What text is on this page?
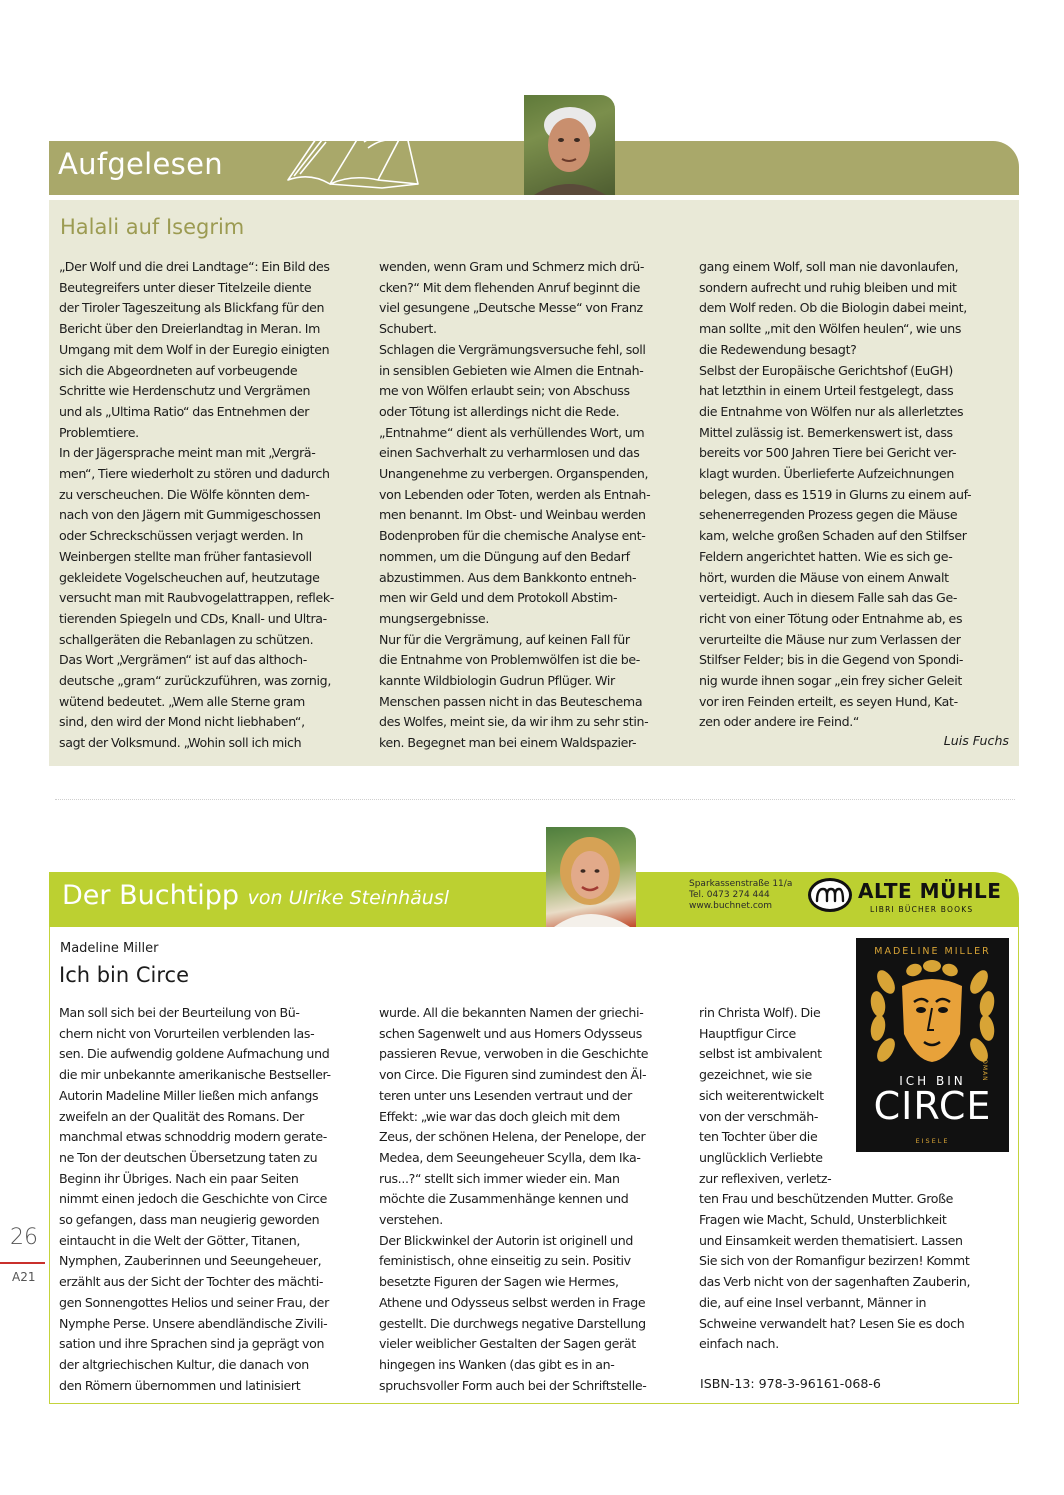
Aufgelesen
Halali auf Isegrim

„Der Wolf und die drei Landtage“: Ein Bild des

Beutegreifers unter dieser Titelzeile diente

der Tiroler Tageszeitung als Blickfang für den

Bericht über den Dreierlandtag in Meran. Im

Umgang mit dem Wolf in der Euregio einigten

sich die Abgeordneten auf vorbeugende

Schritte wie Herdenschutz und Vergrämen

und als „Ultima Ratio“ das Entnehmen der

Problemtiere.

In der Jägersprache meint man mit „Vergrä-

men“, Tiere wiederholt zu stören und dadurch

zu verscheuchen. Die Wölfe könnten dem-

nach von den Jägern mit Gummigeschossen

oder Schreckschüssen verjagt werden. In

Weinbergen stellte man früher fantasievoll

gekleidete Vogelscheuchen auf, heutzutage

versucht man mit Raubvogelattrappen, reflek-

tierenden Spiegeln und CDs, Knall- und Ultra-

schallgeräten die Rebanlagen zu schützen.

Das Wort „Vergrämen“ ist auf das althoch-

deutsche „gram“ zurückzuführen, was zornig,

wütend bedeutet. „Wem alle Sterne gram

sind, den wird der Mond nicht liebhaben“,

sagt der Volksmund. „Wohin soll ich mich

wenden, wenn Gram und Schmerz mich drü-

cken?“ Mit dem flehenden Anruf beginnt die

viel gesungene „Deutsche Messe“ von Franz

Schubert.

Schlagen die Vergrämungsversuche fehl, soll

in sensiblen Gebieten wie Almen die Entnah-

me von Wölfen erlaubt sein; von Abschuss

oder Tötung ist allerdings nicht die Rede.

„Entnahme“ dient als verhüllendes Wort, um

einen Sachverhalt zu verharmlosen und das

Unangenehme zu verbergen. Organspenden,

von Lebenden oder Toten, werden als Entnah-

men benannt. Im Obst- und Weinbau werden

Bodenproben für die chemische Analyse ent-

nommen, um die Düngung auf den Bedarf

abzustimmen. Aus dem Bankkonto entneh-

men wir Geld und dem Protokoll Abstim-

mungsergebnisse.

Nur für die Vergrämung, auf keinen Fall für

die Entnahme von Problemwölfen ist die be-

kannte Wildbiologin Gudrun Pflüger. Wir

Menschen passen nicht in das Beuteschema

des Wolfes, meint sie, da wir ihm zu sehr stin-

ken. Begegnet man bei einem Waldspazier-

gang einem Wolf, soll man nie davonlaufen,

sondern aufrecht und ruhig bleiben und mit

dem Wolf reden. Ob die Biologin dabei meint,

man sollte „mit den Wölfen heulen“, wie uns

die Redewendung besagt?

Selbst der Europäische Gerichtshof (EuGH)

hat letzthin in einem Urteil festgelegt, dass

die Entnahme von Wölfen nur als allerletztes

Mittel zulässig ist. Bemerkenswert ist, dass

bereits vor 500 Jahren Tiere bei Gericht ver-

klagt wurden. Überlieferte Aufzeichnungen

belegen, dass es 1519 in Glurns zu einem auf-

sehenerregenden Prozess gegen die Mäuse

kam, welche großen Schaden auf den Stilfser

Feldern angerichtet hatten. Wie es sich ge-

hört, wurden die Mäuse von einem Anwalt

verteidigt. Auch in diesem Falle sah das Ge-

richt von einer Tötung oder Entnahme ab, es

verurteilte die Mäuse nur zum Verlassen der

Stilfser Felder; bis in die Gegend von Spondi-

nig wurde ihnen sogar „ein frey sicher Geleit

vor iren Feinden erteilt, es seyen Hund, Kat-

zen oder andere ire Feind.“

Luis Fuchs
Der Buchtipp von Ulrike Steinhäusl
Sparkassenstraße 11/a
Tel. 0473 274 444
www.buchnet.com
ALTE MÜHLE
LIBRI BÜCHER BOOKS
Madeline Miller
Ich bin Circe

Man soll sich bei der Beurteilung von Bü-

chern nicht von Vorurteilen verblenden las-

sen. Die aufwendig goldene Aufmachung und

die mir unbekannte amerikanische Bestseller-

Autorin Madeline Miller ließen mich anfangs

zweifeln an der Qualität des Romans. Der

manchmal etwas schnoddrig modern gerate-

ne Ton der deutschen Übersetzung taten zu

Beginn ihr Übriges. Nach ein paar Seiten

nimmt einen jedoch die Geschichte von Circe

so gefangen, dass man neugierig geworden

eintaucht in die Welt der Götter, Titanen,

Nymphen, Zauberinnen und Seeungeheuer,

erzählt aus der Sicht der Tochter des mächti-

gen Sonnengottes Helios und seiner Frau, der

Nymphe Perse. Unsere abendländische Zivili-

sation und ihre Sprachen sind ja geprägt von

der altgriechischen Kultur, die danach von

den Römern übernommen und latinisiert

wurde. All die bekannten Namen der griechi-

schen Sagenwelt und aus Homers Odysseus

passieren Revue, verwoben in die Geschichte

von Circe. Die Figuren sind zumindest den Äl-

teren unter uns Lesenden vertraut und der

Effekt: „wie war das doch gleich mit dem

Zeus, der schönen Helena, der Penelope, der

Medea, dem Seeungeheuer Scylla, dem Ika-

rus...?“ stellt sich immer wieder ein. Man

möchte die Zusammenhänge kennen und

verstehen.

Der Blickwinkel der Autorin ist originell und

feministisch, ohne einseitig zu sein. Positiv

besetzte Figuren der Sagen wie Hermes,

Athene und Odysseus selbst werden in Frage

gestellt. Die durchwegs negative Darstellung

vieler weiblicher Gestalten der Sagen gerät

hingegen ins Wanken (das gibt es in an-

spruchsvoller Form auch bei der Schriftstelle-

rin Christa Wolf). Die

Hauptfigur Circe

selbst ist ambivalent

gezeichnet, wie sie

sich weiterentwickelt

von der verschmäh-

ten Tochter über die

unglücklich Verliebte

zur reflexiven, verletz-

ten Frau und beschützenden Mutter. Große

Fragen wie Macht, Schuld, Unsterblichkeit

und Einsamkeit werden thematisiert. Lassen

Sie sich von der Romanfigur bezirzen! Kommt

das Verb nicht von der sagenhaften Zauberin,

die, auf eine Insel verbannt, Männer in

Schweine verwandelt hat? Lesen Sie es doch

einfach nach.

ISBN-13: 978-3-96161-068-6
MADELINE MILLER
ICH BIN
CIRCE
ROMAN
EISELE
26
A21
